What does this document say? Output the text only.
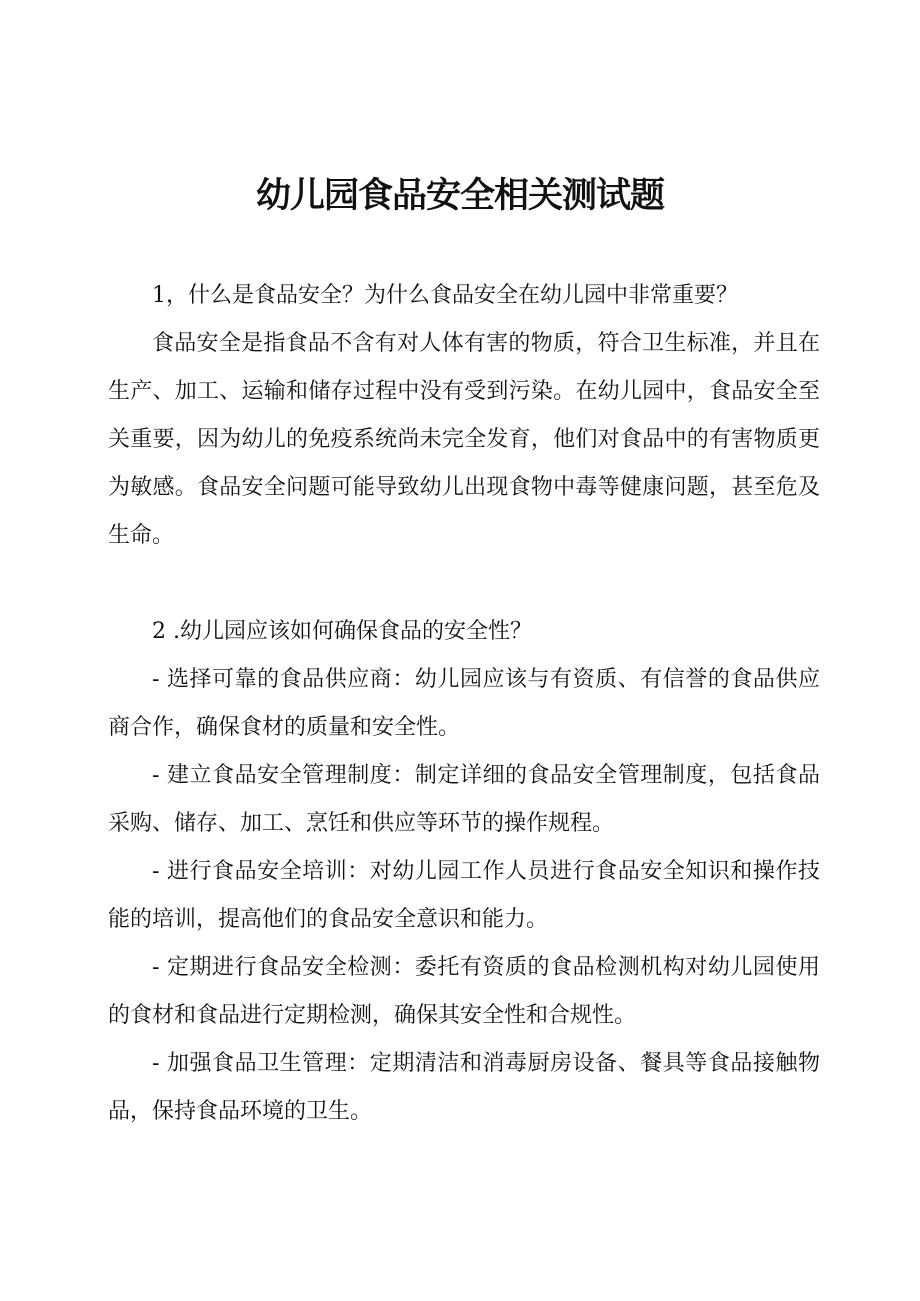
幼儿园食品安全相关测试题

1，什么是食品安全？为什么食品安全在幼儿园中非常重要？

食品安全是指食品不含有对人体有害的物质，符合卫生标准，并且在生产、加工、运输和储存过程中没有受到污染。在幼儿园中，食品安全至关重要，因为幼儿的免疫系统尚未完全发育，他们对食品中的有害物质更为敏感。食品安全问题可能导致幼儿出现食物中毒等健康问题，甚至危及生命。

2 .幼儿园应该如何确保食品的安全性？

- 选择可靠的食品供应商：幼儿园应该与有资质、有信誉的食品供应商合作，确保食材的质量和安全性。

- 建立食品安全管理制度：制定详细的食品安全管理制度，包括食品采购、储存、加工、烹饪和供应等环节的操作规程。

- 进行食品安全培训：对幼儿园工作人员进行食品安全知识和操作技能的培训，提高他们的食品安全意识和能力。

- 定期进行食品安全检测：委托有资质的食品检测机构对幼儿园使用的食材和食品进行定期检测，确保其安全性和合规性。

- 加强食品卫生管理：定期清洁和消毒厨房设备、餐具等食品接触物品，保持食品环境的卫生。
